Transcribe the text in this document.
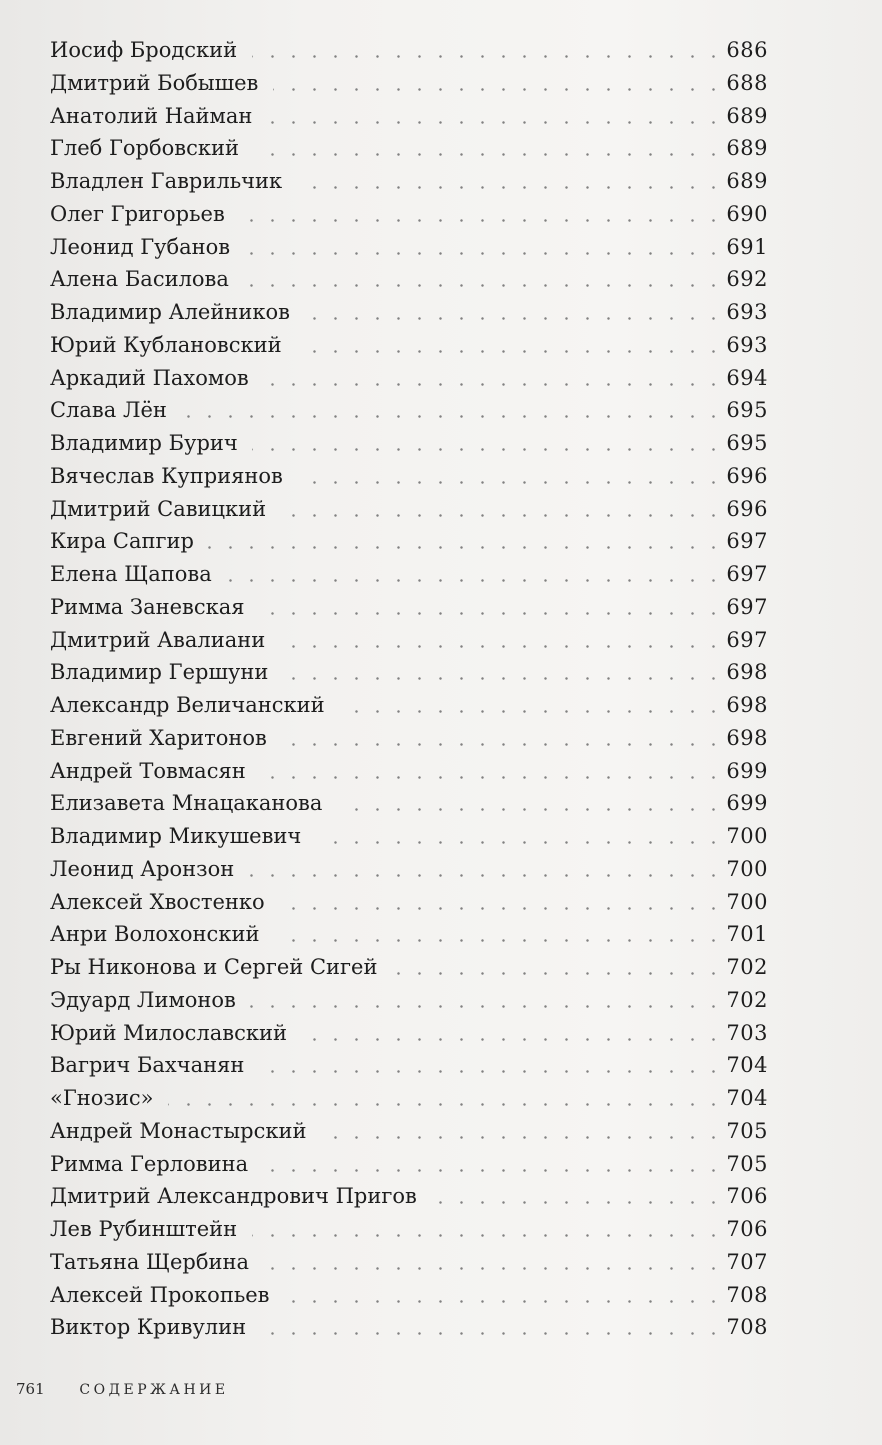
Иосиф Бродский	686
Дмитрий Бобышев	688
Анатолий Найман	689
Глеб Горбовский	689
Владлен Гаврильчик	689
Олег Григорьев	690
Леонид Губанов	691
Алена Басилова	692
Владимир Алейников	693
Юрий Кублановский	693
Аркадий Пахомов	694
Слава Лён	695
Владимир Бурич	695
Вячеслав Куприянов	696
Дмитрий Савицкий	696
Кира Сапгир	697
Елена Щапова	697
Римма Заневская	697
Дмитрий Авалиани	697
Владимир Гершуни	698
Александр Величанский	698
Евгений Харитонов	698
Андрей Товмасян	699
Елизавета Мнацаканова	699
Владимир Микушевич	700
Леонид Аронзон	700
Алексей Хвостенко	700
Анри Волохонский	701
Ры Никонова и Сергей Сигей	702
Эдуард Лимонов	702
Юрий Милославский	703
Вагрич Бахчанян	704
«Гнозис»	704
Андрей Монастырский	705
Римма Герловина	705
Дмитрий Александрович Пригов	706
Лев Рубинштейн	706
Татьяна Щербина	707
Алексей Прокопьев	708
Виктор Кривулин	708
761 СОДЕРЖАНИЕ
